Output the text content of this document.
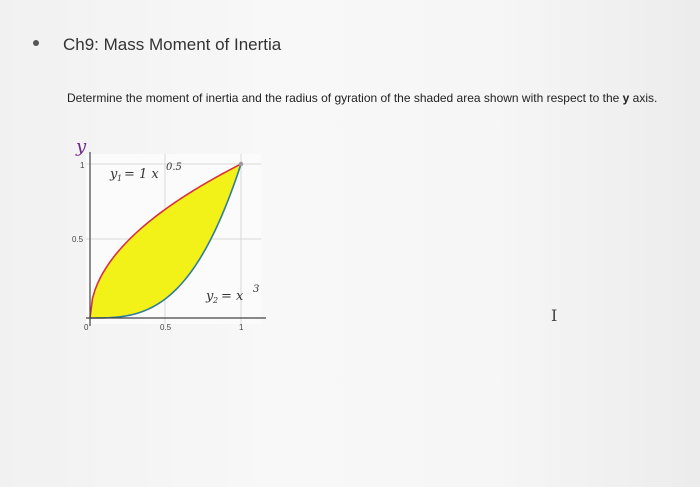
Ch9: Mass Moment of Inertia
Determine the moment of inertia and the radius of gyration of the shaded area shown with respect to the y axis.
y
1
0.5
0	0.5	1
y 1 = 1 x 0.5
y 2 = x 3
I
